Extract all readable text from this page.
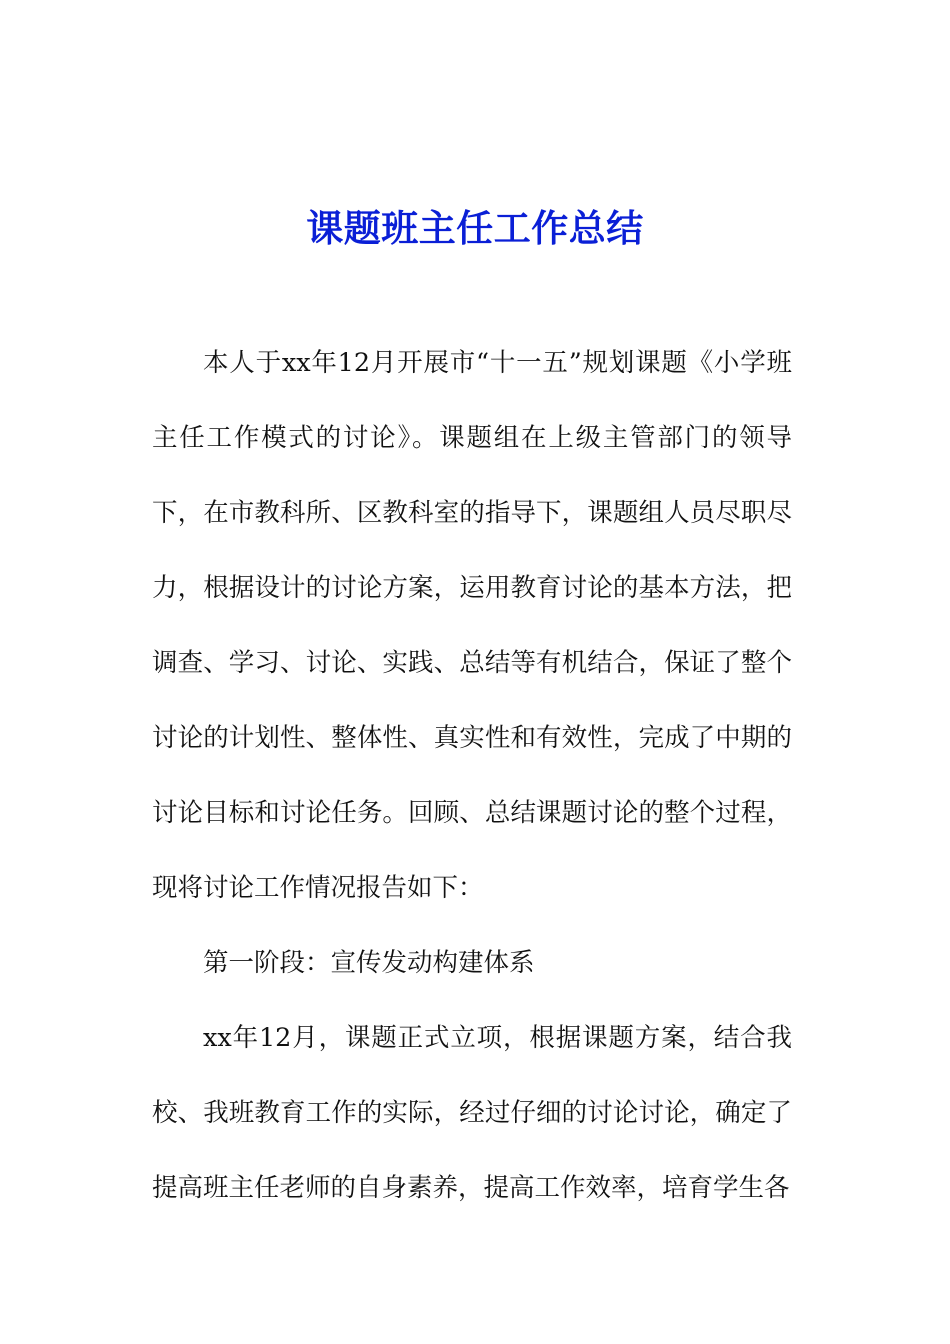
课题班主任工作总结

本人于xx年12月开展市“十一五”规划课题《小学班主任工作模式的讨论》。课题组在上级主管部门的领导下，在市教科所、区教科室的指导下，课题组人员尽职尽力，根据设计的讨论方案，运用教育讨论的基本方法，把调查、学习、讨论、实践、总结等有机结合，保证了整个讨论的计划性、整体性、真实性和有效性，完成了中期的讨论目标和讨论任务。回顾、总结课题讨论的整个过程，现将讨论工作情况报告如下：

第一阶段：宣传发动构建体系

xx年12月，课题正式立项，根据课题方案，结合我校、我班教育工作的实际，经过仔细的讨论讨论，确定了提高班主任老师的自身素养，提高工作效率，培育学生各
